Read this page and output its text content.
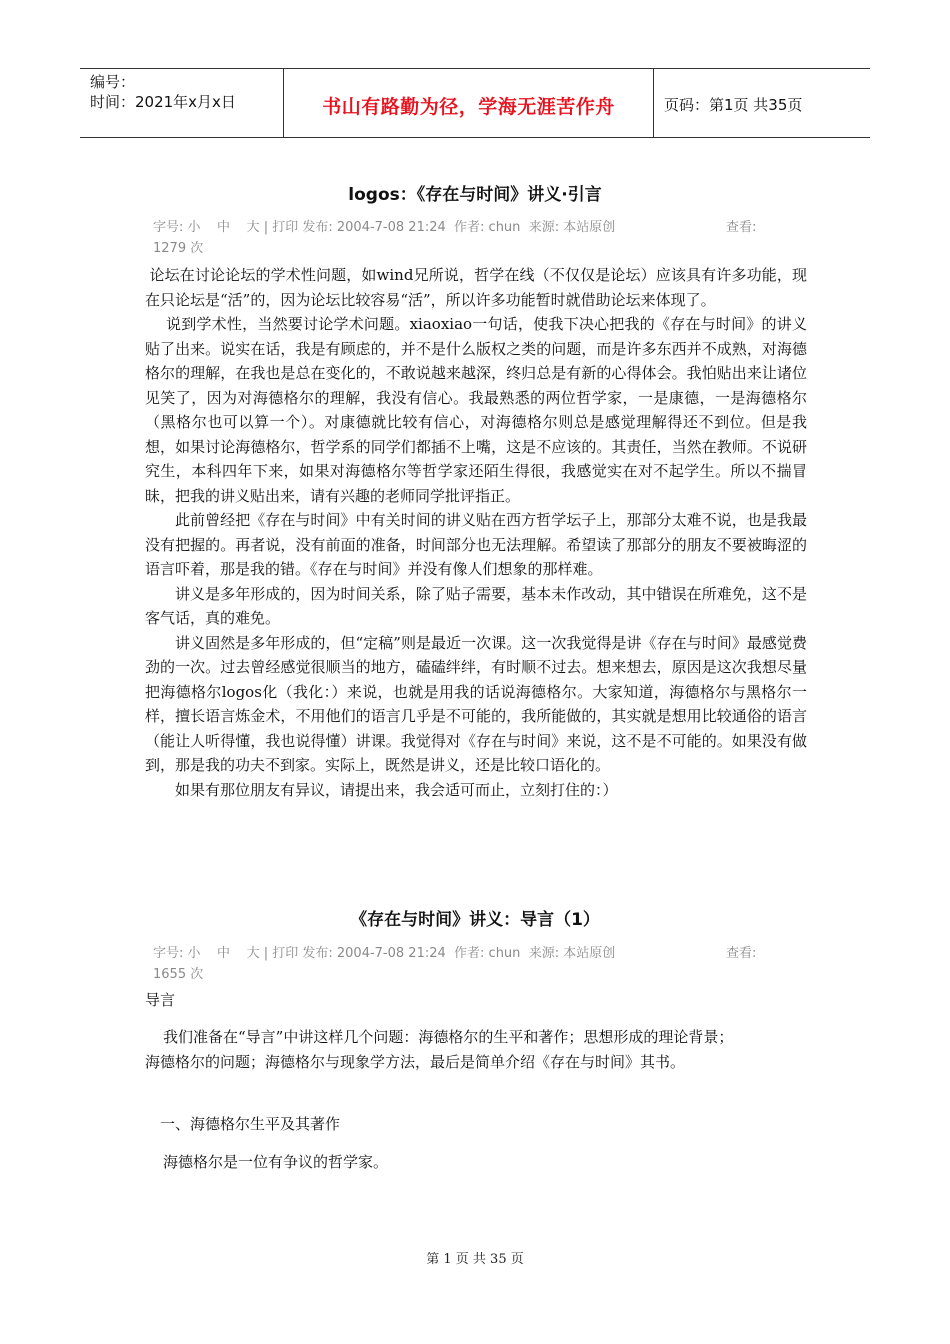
编号：
时间：2021年x月x日	书山有路勤为径，学海无涯苦作舟	页码：第1页 共35页
logos：《存在与时间》讲义·引言
字号: 小    中    大 | 打印 发布: 2004-7-08 21:24 作者: chun 来源: 本站原创	查看:
1279 次

论坛在讨论论坛的学术性问题，如wind兄所说，哲学在线（不仅仅是论坛）应该具有许多功能，现在只论坛是“活”的，因为论坛比较容易“活”，所以许多功能暂时就借助论坛来体现了。

说到学术性，当然要讨论学术问题。xiaoxiao一句话，使我下决心把我的《存在与时间》的讲义贴了出来。说实在话，我是有顾虑的，并不是什么版权之类的问题，而是许多东西并不成熟，对海德格尔的理解，在我也是总在变化的，不敢说越来越深，终归总是有新的心得体会。我怕贴出来让诸位见笑了，因为对海德格尔的理解，我没有信心。我最熟悉的两位哲学家，一是康德，一是海德格尔（黑格尔也可以算一个）。对康德就比较有信心，对海德格尔则总是感觉理解得还不到位。但是我想，如果讨论海德格尔，哲学系的同学们都插不上嘴，这是不应该的。其责任，当然在教师。不说研究生，本科四年下来，如果对海德格尔等哲学家还陌生得很，我感觉实在对不起学生。所以不揣冒昧，把我的讲义贴出来，请有兴趣的老师同学批评指正。

此前曾经把《存在与时间》中有关时间的讲义贴在西方哲学坛子上，那部分太难不说，也是我最没有把握的。再者说，没有前面的准备，时间部分也无法理解。希望读了那部分的朋友不要被晦涩的语言吓着，那是我的错。《存在与时间》并没有像人们想象的那样难。

讲义是多年形成的，因为时间关系，除了贴子需要，基本未作改动，其中错误在所难免，这不是客气话，真的难免。

讲义固然是多年形成的，但“定稿”则是最近一次课。这一次我觉得是讲《存在与时间》最感觉费劲的一次。过去曾经感觉很顺当的地方，磕磕绊绊，有时顺不过去。想来想去，原因是这次我想尽量把海德格尔logos化（我化：）来说，也就是用我的话说海德格尔。大家知道，海德格尔与黑格尔一样，擅长语言炼金术，不用他们的语言几乎是不可能的，我所能做的，其实就是想用比较通俗的语言（能让人听得懂，我也说得懂）讲课。我觉得对《存在与时间》来说，这不是不可能的。如果没有做到，那是我的功夫不到家。实际上，既然是讲义，还是比较口语化的。

如果有那位朋友有异议，请提出来，我会适可而止，立刻打住的：）

《存在与时间》讲义：导言（1）
字号: 小    中    大 | 打印 发布: 2004-7-08 21:24 作者: chun 来源: 本站原创	查看:
1655 次
导言

我们准备在“导言”中讲这样几个问题：海德格尔的生平和著作；思想形成的理论背景；海德格尔的问题；海德格尔与现象学方法，最后是简单介绍《存在与时间》其书。

一、海德格尔生平及其著作
海德格尔是一位有争议的哲学家。
第 1 页 共 35 页
